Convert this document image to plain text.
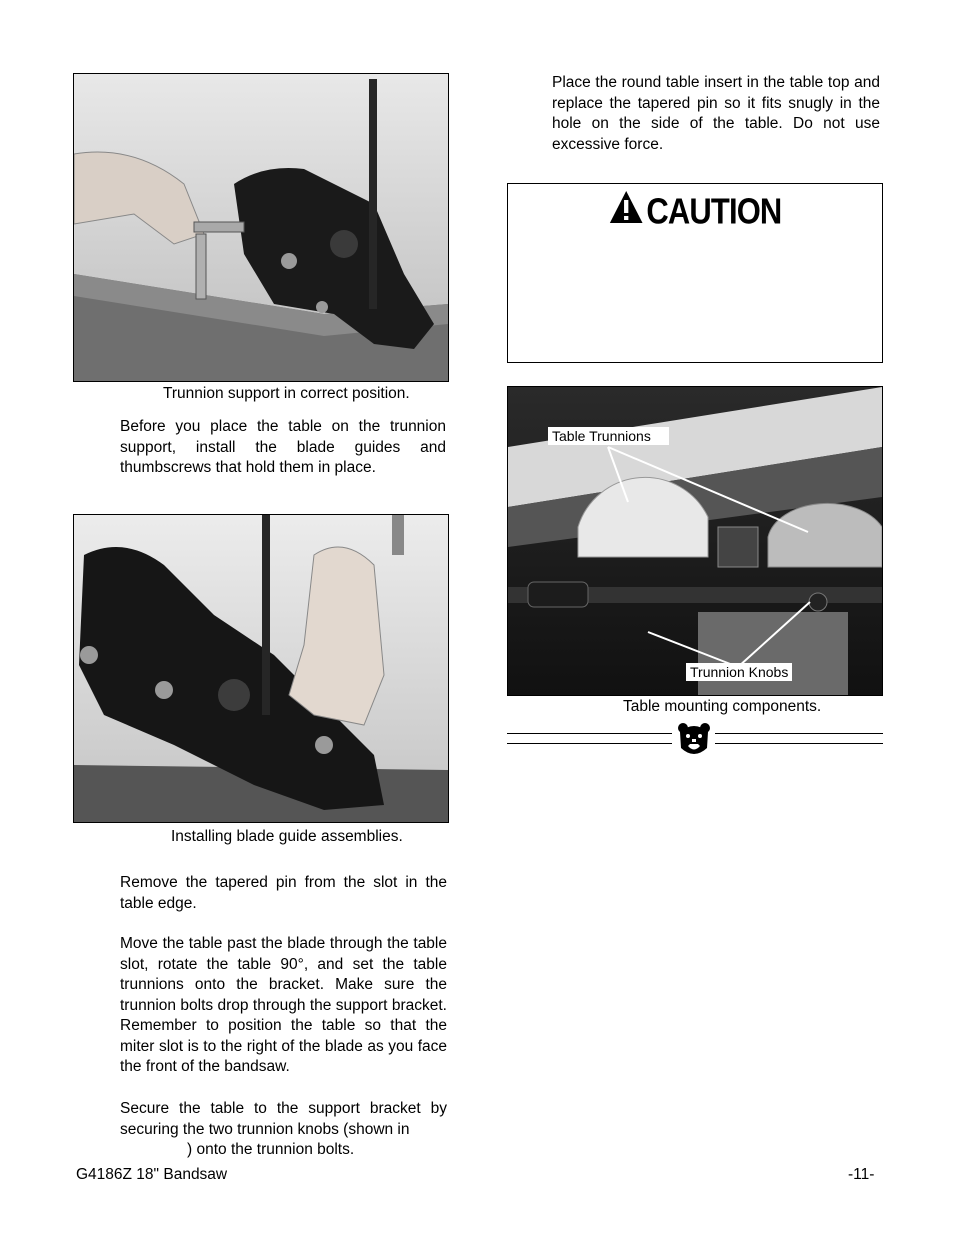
Trunnion support in correct position.

Before you place the table on the trunnion support, install the blade guides and thumbscrews that hold them in place.

Installing blade guide assemblies.

Remove the tapered pin from the slot in the table edge.

Move the table past the blade through the table slot, rotate the table 90°, and set the table trunnions onto the bracket. Make sure the trunnion bolts drop through the support bracket. Remember to position the table so that the miter slot is to the right of the blade as you face the front of the bandsaw.

Secure the table to the support bracket by securing the two trunnion knobs (shown in

) onto the trunnion bolts.

Place the round table insert in the table top and replace the tapered pin so it fits snugly in the hole on the side of the table. Do not use excessive force.

CAUTION
Table Trunnions
Trunnion Knobs
Table mounting components.
G4186Z 18" Bandsaw	-11-
